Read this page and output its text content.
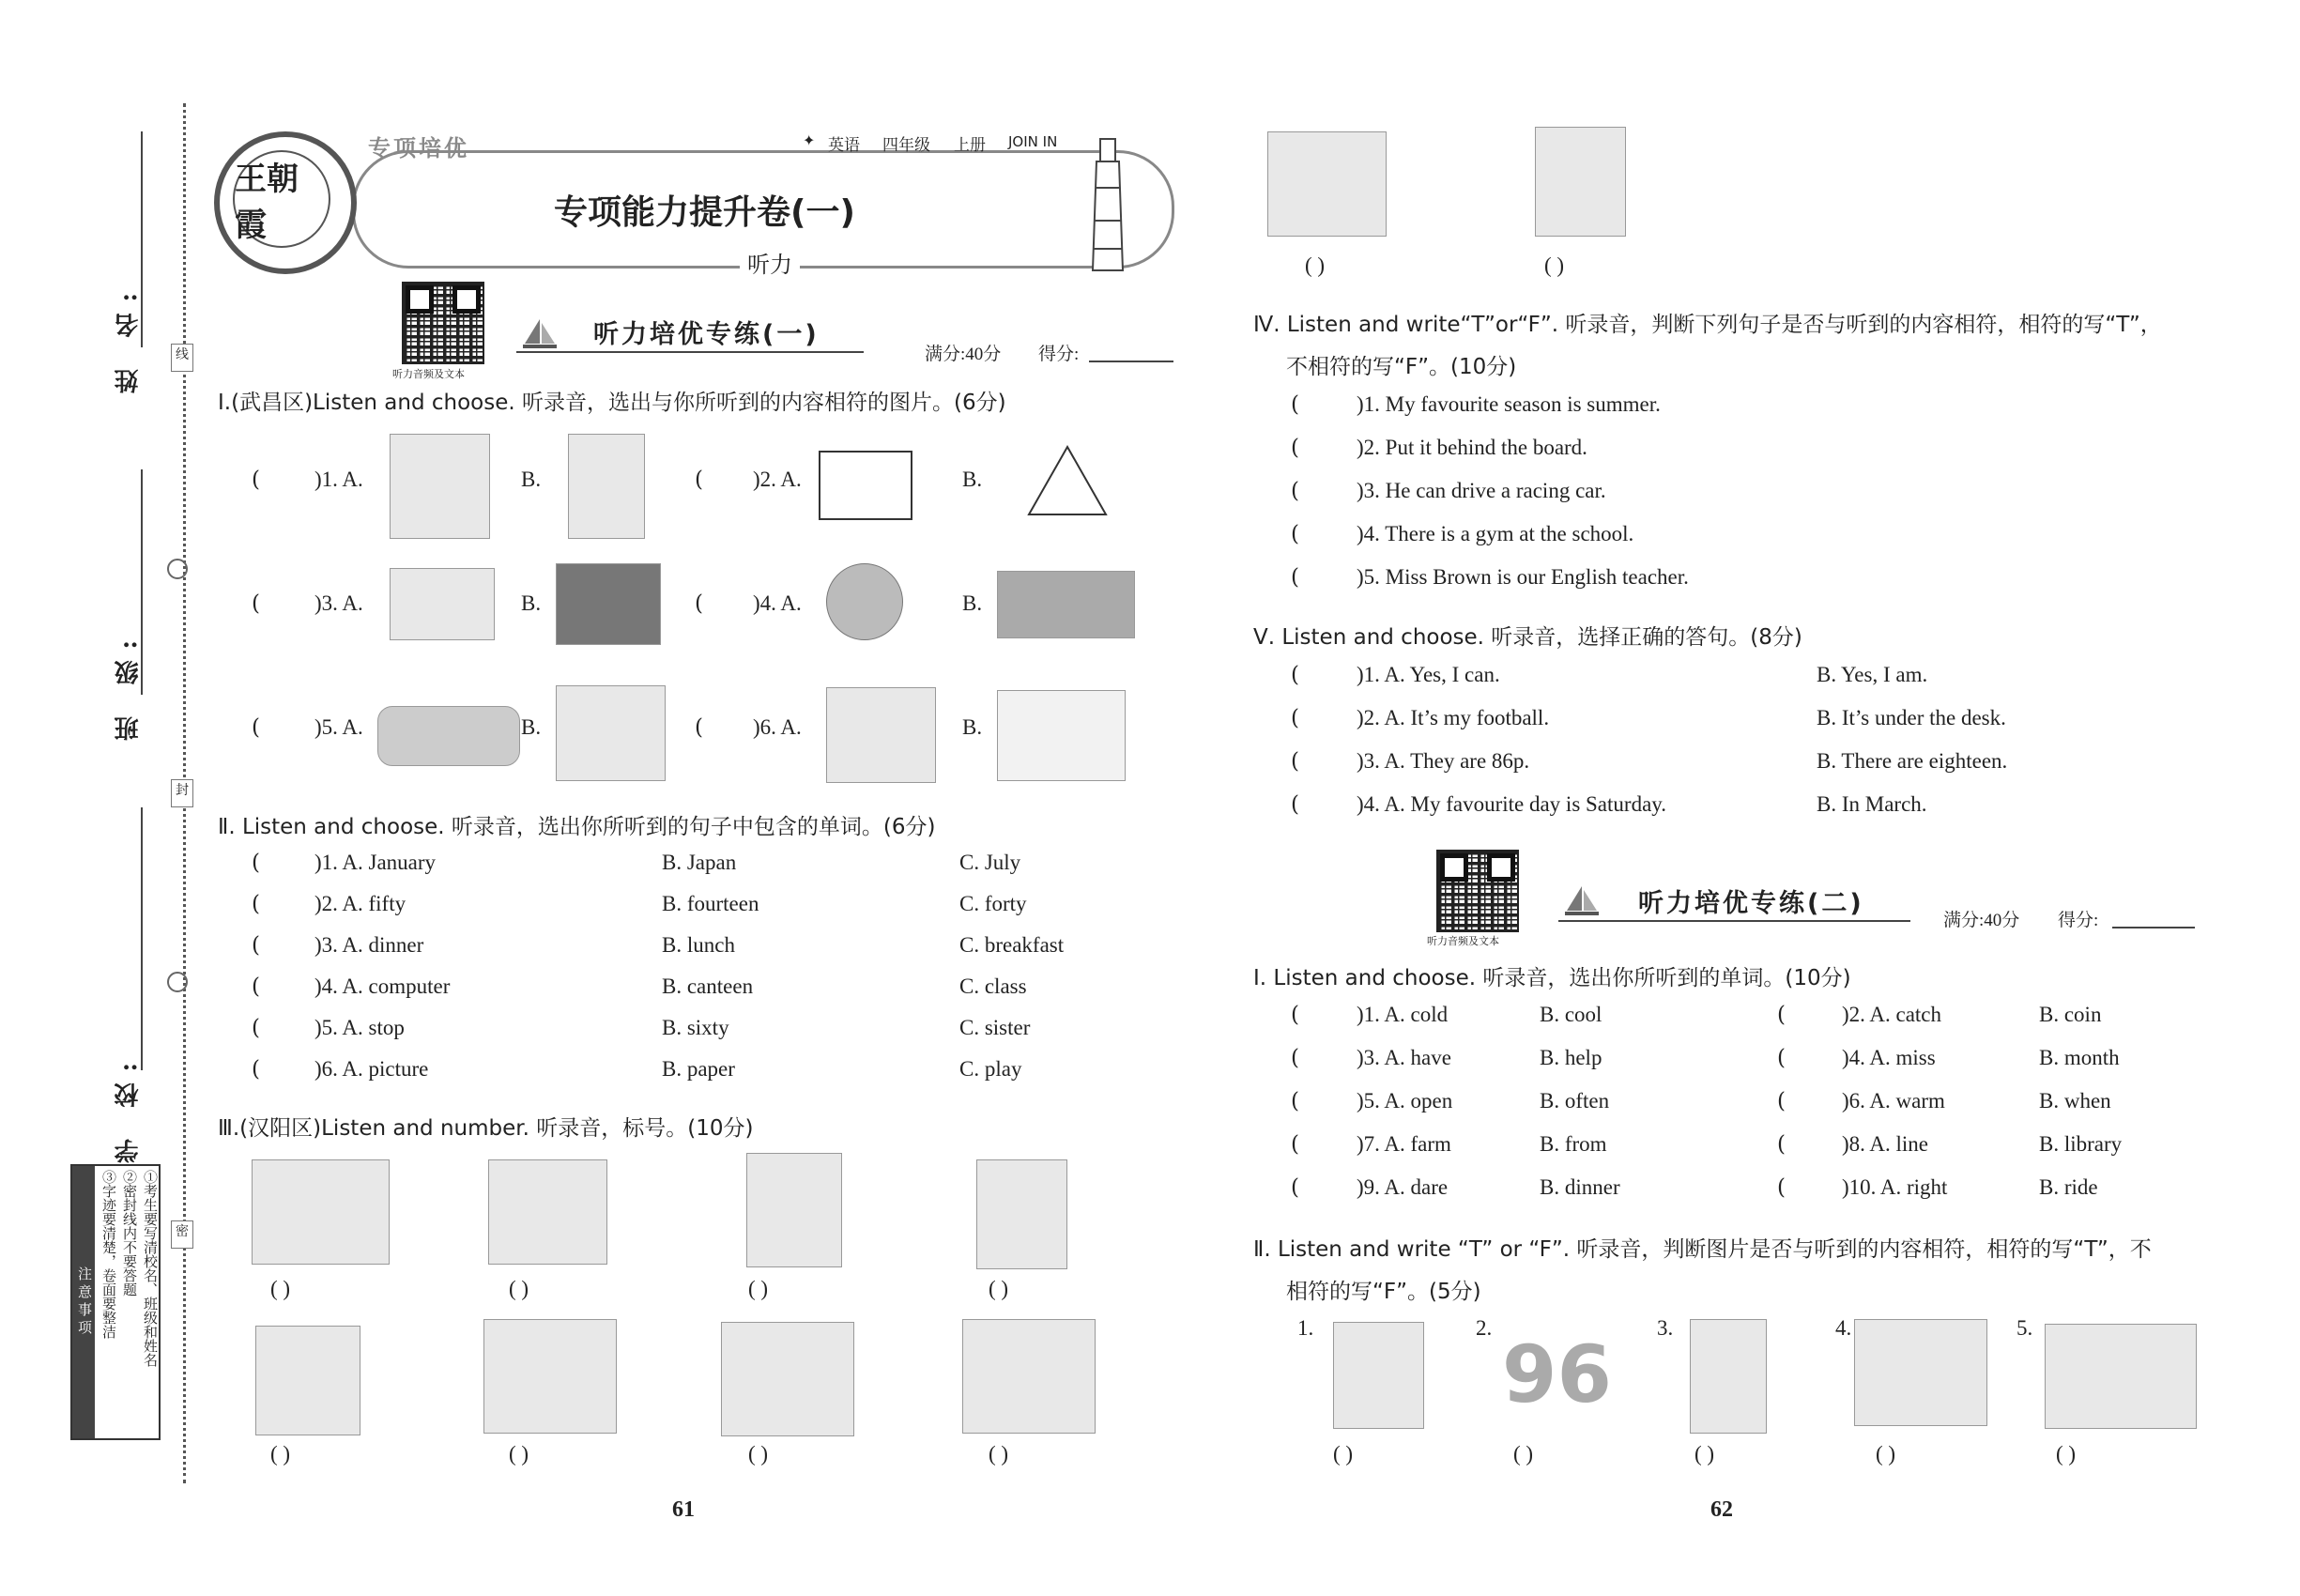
姓 名:
班 级:
学 校:
线
封
密
注意事项	①考生要写清校名、班级和姓名
②密封线内不要答题
③字迹要清楚，卷面要整洁
王朝霞
专项培优	✦ 英语 四年级 上册 JOIN IN
专项能力提升卷(一)
听力
听力音频及文本
听力培优专练(一)
满分:40分 得分:
Ⅰ.(武昌区)Listen and choose. 听录音，选出与你所听到的内容相符的图片。(6分)
(	)1. A.	B.	( )2. A.	B.
(	)3. A.	B.	( )4. A.	B.
(	)5. A.	B.	( )6. A.	B.
Ⅱ. Listen and choose. 听录音，选出你所听到的句子中包含的单词。(6分)
(	)1. A. January	B. Japan	C. July
(	)2. A. fifty	B. fourteen	C. forty
(	)3. A. dinner	B. lunch	C. breakfast
(	)4. A. computer	B. canteen	C. class
(	)5. A. stop	B. sixty	C. sister
(	)6. A. picture	B. paper	C. play
Ⅲ.(汉阳区)Listen and number. 听录音，标号。(10分)
( )	( )	( )	( )
( )	( )	( )	( )
61
( )	( )
Ⅳ. Listen and write“T”or“F”. 听录音，判断下列句子是否与听到的内容相符，相符的写“T”，
不相符的写“F”。(10分)
(	)1. My favourite season is summer.
(	)2. Put it behind the board.
(	)3. He can drive a racing car.
(	)4. There is a gym at the school.
(	)5. Miss Brown is our English teacher.
Ⅴ. Listen and choose. 听录音，选择正确的答句。(8分)
(	)1. A. Yes, I can.	B. Yes, I am.
(	)2. A. It’s my football.	B. It’s under the desk.
(	)3. A. They are 86p.	B. There are eighteen.
(	)4. A. My favourite day is Saturday.	B. In March.
听力音频及文本
听力培优专练(二)
满分:40分 得分:
Ⅰ. Listen and choose. 听录音，选出你所听到的单词。(10分)
(	)1. A. cold	B. cool	(	)2. A. catch	B. coin
(	)3. A. have	B. help	(	)4. A. miss	B. month
(	)5. A. open	B. often	(	)6. A. warm	B. when
(	)7. A. farm	B. from	(	)8. A. line	B. library
(	)9. A. dare	B. dinner	(	)10. A. right	B. ride
Ⅱ. Listen and write “T” or “F”. 听录音，判断图片是否与听到的内容相符，相符的写“T”，不
相符的写“F”。(5分)
1.	2.	3.	4.	5.
96
( )	( )	( )	( )	( )
62
